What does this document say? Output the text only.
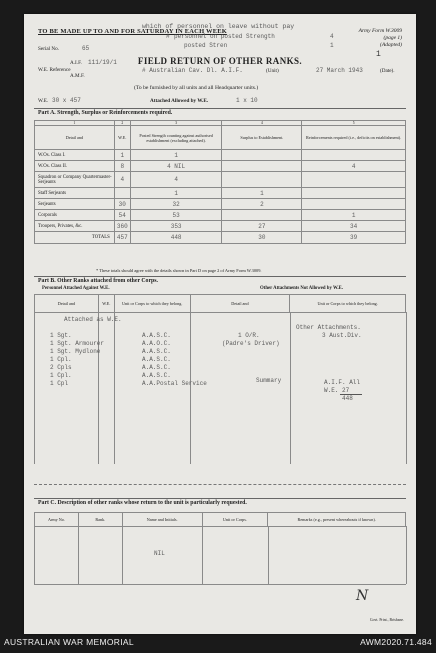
TO BE MADE UP TO AND FOR SATURDAY IN EACH WEEK	Army Form W.3009
(page 1)
(Adapted)
which of personnel on leave without pay
personnel on posted Strength
posted Stren
#	4
1
1
FIELD RETURN OF OTHER RANKS.
Serial No.	65
A.I.F. 111/19/1
W.E. Reference
A.M.F.
# Australian Cav. Dl. A.I.F.	(Unit)	27 March 1943	(Date).
(To be furnished by all units and all Headquarter units.)
W.E. 30 x 457	Attached Allowed by W.E.	1 x 10
Part A. Strength, Surplus or Reinforcements required.
1	2	3	4	5
Detail and	W.E.	Posted Strength counting against authorised establishment (excluding attached).	Surplus to Establishment.	Reinforcements required (i.e., deficits on establishment).
W.Os. Class I.	1	1		
W.Os. Class II.	8	4 NIL		4
Squadron or Company Quartermaster-Serjeants	4	4		
Staff Serjeants		1	1	
Serjeants	30	32	2	
Corporals	54	53		1
Troopers, Privates, &c.	360	353	27	34
TOTALS	457	448	30	39
* These totals should agree with the details shown in Part D on page 2 of Army Form W.3009.
Part B. Other Ranks attached from other Corps.
Personnel Attached Against W.E.	Other Attachments Not Allowed by W.E.
Detail and	W.E.	Unit or Corps to which they belong.	Detail and	Unit or Corps to which they belong.
Attached as W.E.
Other Attachments.
1 Sgt.	A.A.S.C.
1 Sgt. Armourer	A.A.O.C.
1 Sgt. Mydlone	A.A.S.C.
1 Cpl.	A.A.S.C.
2 Cpls	A.A.S.C.
1 Cpl.	A.A.S.C.
1 Cpl	A.A.Postal Service
1 O/R.	3 Aust.Div.
(Padre's Driver)
Summary	A.I.F. All
W.E. 27
448
Part C. Description of other ranks whose return to the unit is particularly requested.
Army No.	Rank.	Name and Initials.	Unit or Corps.	Remarks (e.g., present whereabouts if known).
NIL
N
Govt. Print., Brisbane.
AUSTRALIAN WAR MEMORIAL	AWM2020.71.484
